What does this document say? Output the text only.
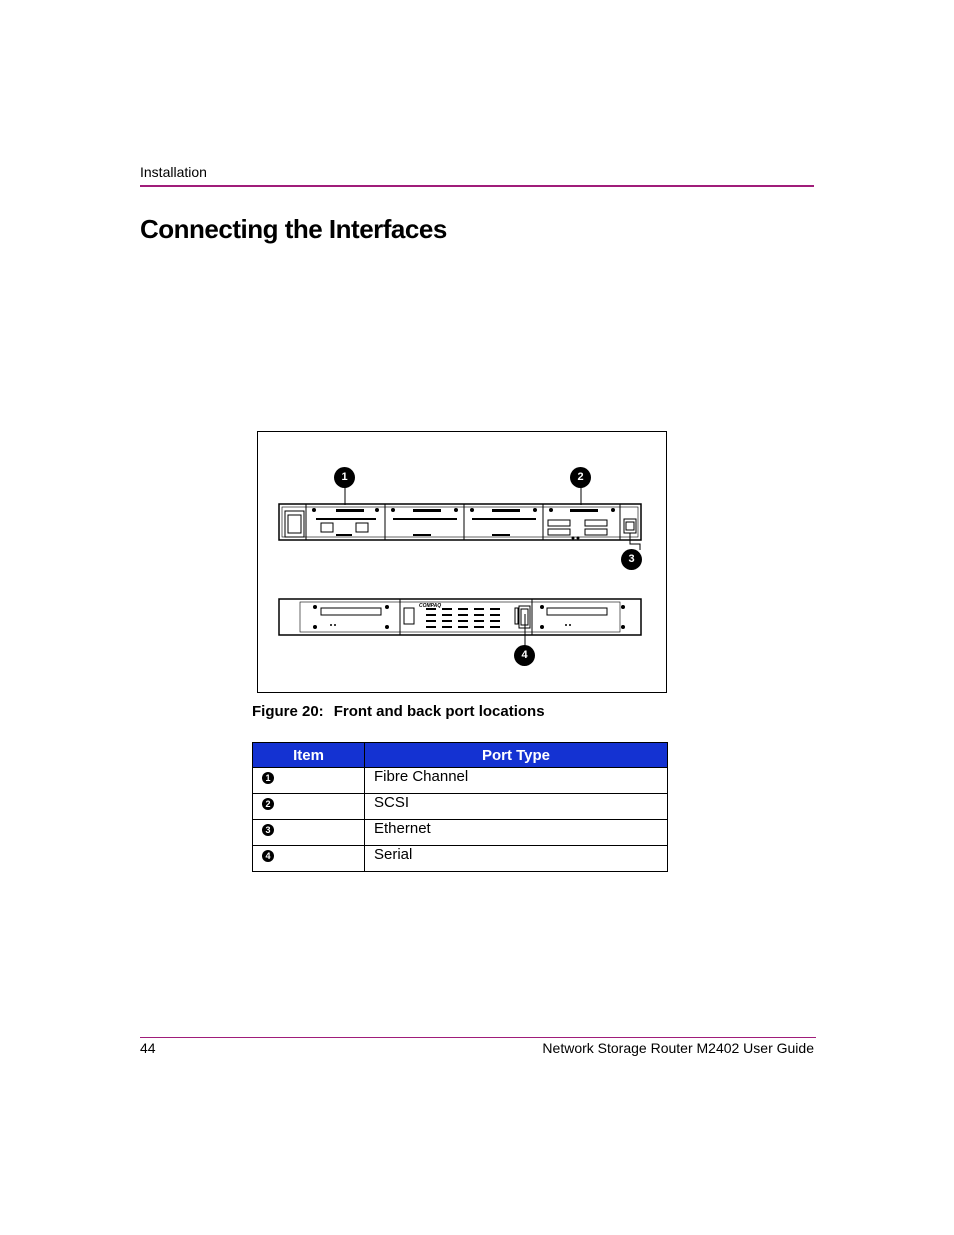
Installation
Connecting the Interfaces
COMPAQ
1	2
3
4
Figure 20: Front and back port locations
Item	Port Type
1	Fibre Channel
2	SCSI
3	Ethernet
4	Serial
44	Network Storage Router M2402 User Guide
